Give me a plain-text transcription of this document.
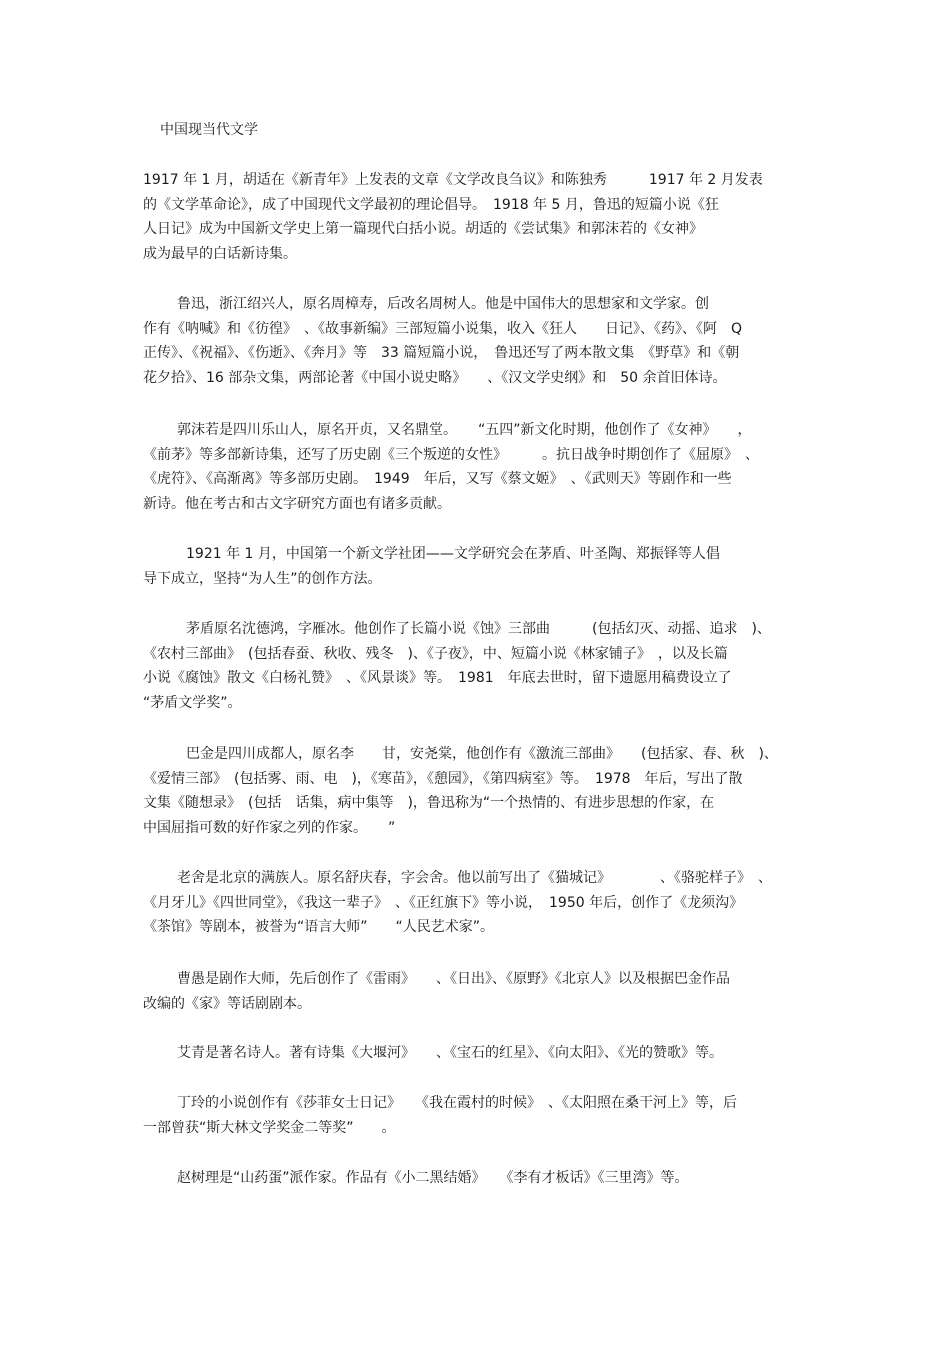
中国现当代文学
1917 年 1 月，胡适在《新青年》上发表的文章《文学改良刍议》和陈独秀　　　1917 年 2 月发表
的《文学革命论》，成了中国现代文学最初的理论倡导。　1918 年 5 月，鲁迅的短篇小说《狂
人日记》成为中国新文学史上第一篇现代白括小说。胡适的《尝试集》和郭沫若的《女神》
成为最早的白话新诗集。
鲁迅，浙江绍兴人，原名周樟寿，后改名周树人。他是中国伟大的思想家和文学家。创
作有《呐喊》和《彷徨》　、《故事新编》三部短篇小说集，收入《狂人　　日记》、《药》、《阿　Q
正传》、《祝福》、《伤逝》、《奔月》等　33 篇短篇小说，　鲁迅还写了两本散文集　《野草》和《朝
花夕拾》、16 部杂文集，两部论著《中国小说史略》　　、《汉文学史纲》和　50 余首旧体诗。
郭沫若是四川乐山人，原名开贞，又名鼎堂。　　“五四”新文化时期，他创作了《女神》　　，
《前茅》等多部新诗集，还写了历史剧《三个叛逆的女性》　　　。抗日战争时期创作了《屈原》　、
《虎符》、《高渐离》等多部历史剧。　1949　年后，又写《蔡文姬》　、《武则天》等剧作和一些
新诗。他在考古和古文字研究方面也有诸多贡献。
1921 年 1 月，中国第一个新文学社团——文学研究会在茅盾、叶圣陶、郑振铎等人倡
导下成立，坚持“为人生”的创作方法。
茅盾原名沈德鸿，字雁冰。他创作了长篇小说《蚀》三部曲　　　(包括幻灭、动摇、追求　)、
《农村三部曲》　(包括春蚕、秋收、残冬　)、《子夜》，中、短篇小说《林家铺子》　，以及长篇
小说《腐蚀》散文《白杨礼赞》　、《风景谈》等。　1981　年底去世时，留下遗愿用稿费设立了
“茅盾文学奖”。
巴金是四川成都人，原名李　　甘，安尧棠，他创作有《激流三部曲》　　(包括家、春、秋　)、
《爱情三部》　(包括雾、雨、电　)，《寒苗》，《憩园》，《第四病室》等。　1978　年后，写出了散
文集《随想录》　(包括　话集，病中集等　)，鲁迅称为“一个热情的、有进步思想的作家，在
中国屈指可数的好作家之列的作家。　　”
老舍是北京的满族人。原名舒庆春，字会舍。他以前写出了《猫城记》　　　　、《骆驼样子》　、
《月牙儿》《四世同堂》，《我这一辈子》　、《正红旗下》等小说，　1950 年后，创作了《龙须沟》
《茶馆》等剧本，被誉为“语言大师”　　“人民艺术家”。
曹愚是剧作大师，先后创作了《雷雨》　　、《日出》、《原野》《北京人》以及根据巴金作品
改编的《家》等话剧剧本。
艾青是著名诗人。著有诗集《大堰河》　　、《宝石的红星》、《向太阳》、《光的赞歌》等。
丁玲的小说创作有《莎菲女士日记》　　《我在霞村的时候》　、《太阳照在桑干河上》等，后
一部曾获“斯大林文学奖金二等奖”　　。
赵树理是“山药蛋”派作家。作品有《小二黑结婚》　　《李有才板话》《三里湾》等。
